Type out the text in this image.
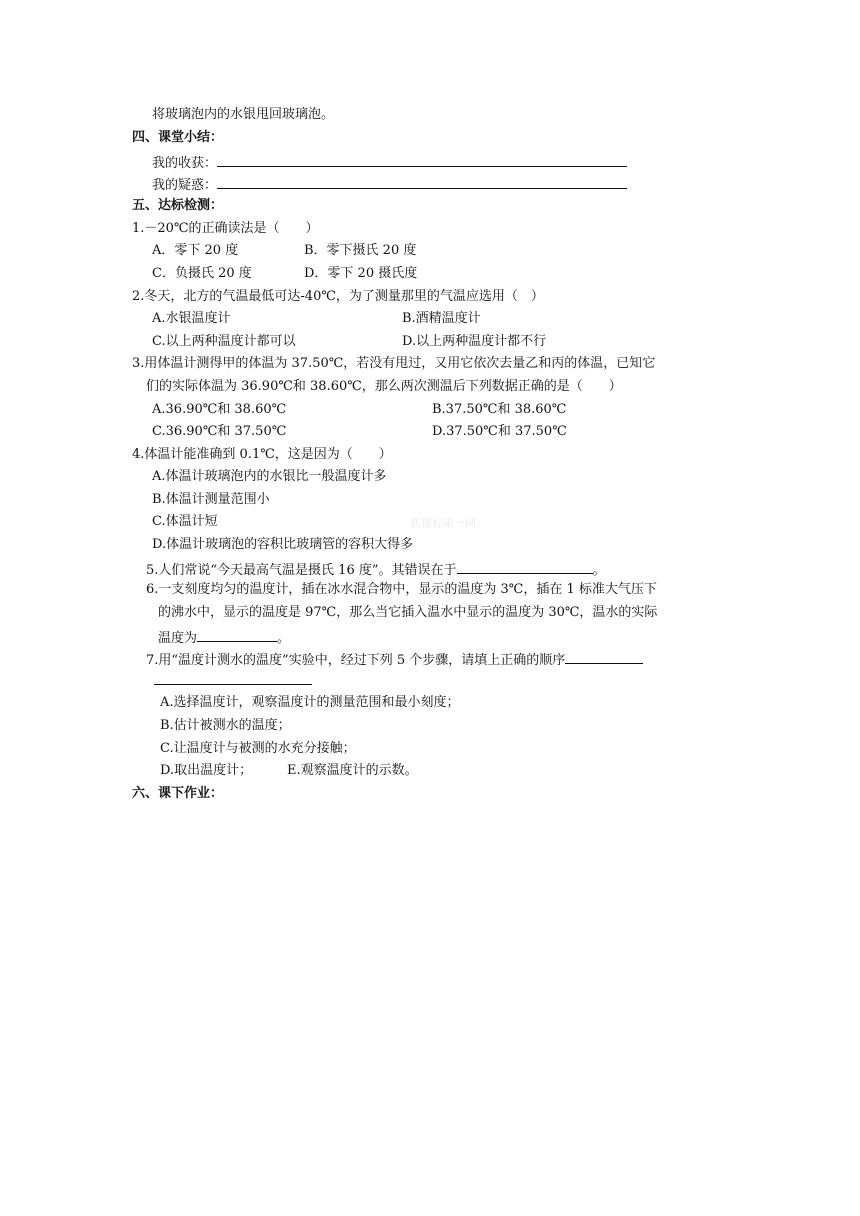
将玻璃泡内的水银甩回玻璃泡。
四、课堂小结：
我的收获：
我的疑惑：
五、达标检测：
1.－20℃的正确读法是（　　）
A．零下 20 度	B．零下摄氏 20 度
C．负摄氏 20 度	D．零下 20 摄氏度
2.冬天，北方的气温最低可达-40℃，为了测量那里的气温应选用（　）
A.水银温度计	B.酒精温度计
C.以上两种温度计都可以	D.以上两种温度计都不行
3.用体温计测得甲的体温为 37.50℃，若没有甩过，又用它依次去量乙和丙的体温，已知它
们的实际体温为 36.90℃和 38.60℃，那么两次测温后下列数据正确的是（　　）
A.36.90℃和 38.60℃	B.37.50℃和 38.60℃
C.36.90℃和 37.50℃	D.37.50℃和 37.50℃
4.体温计能准确到 0.1℃，这是因为（　　）
A.体温计玻璃泡内的水银比一般温度计多
B.体温计测量范围小
C.体温计短	新课标第一网
D.体温计玻璃泡的容积比玻璃管的容积大得多
5.人们常说“今天最高气温是摄氏 16 度”。其错误在于	。
6.一支刻度均匀的温度计，插在冰水混合物中，显示的温度为 3℃，插在 1 标准大气压下
的沸水中，显示的温度是 97℃，那么当它插入温水中显示的温度为 30℃，温水的实际
温度为	。
7.用“温度计测水的温度”实验中，经过下列 5 个步骤，请填上正确的顺序
A.选择温度计，观察温度计的测量范围和最小刻度；
B.估计被测水的温度；
C.让温度计与被测的水充分接触；
D.取出温度计；	E.观察温度计的示数。
六、课下作业：
